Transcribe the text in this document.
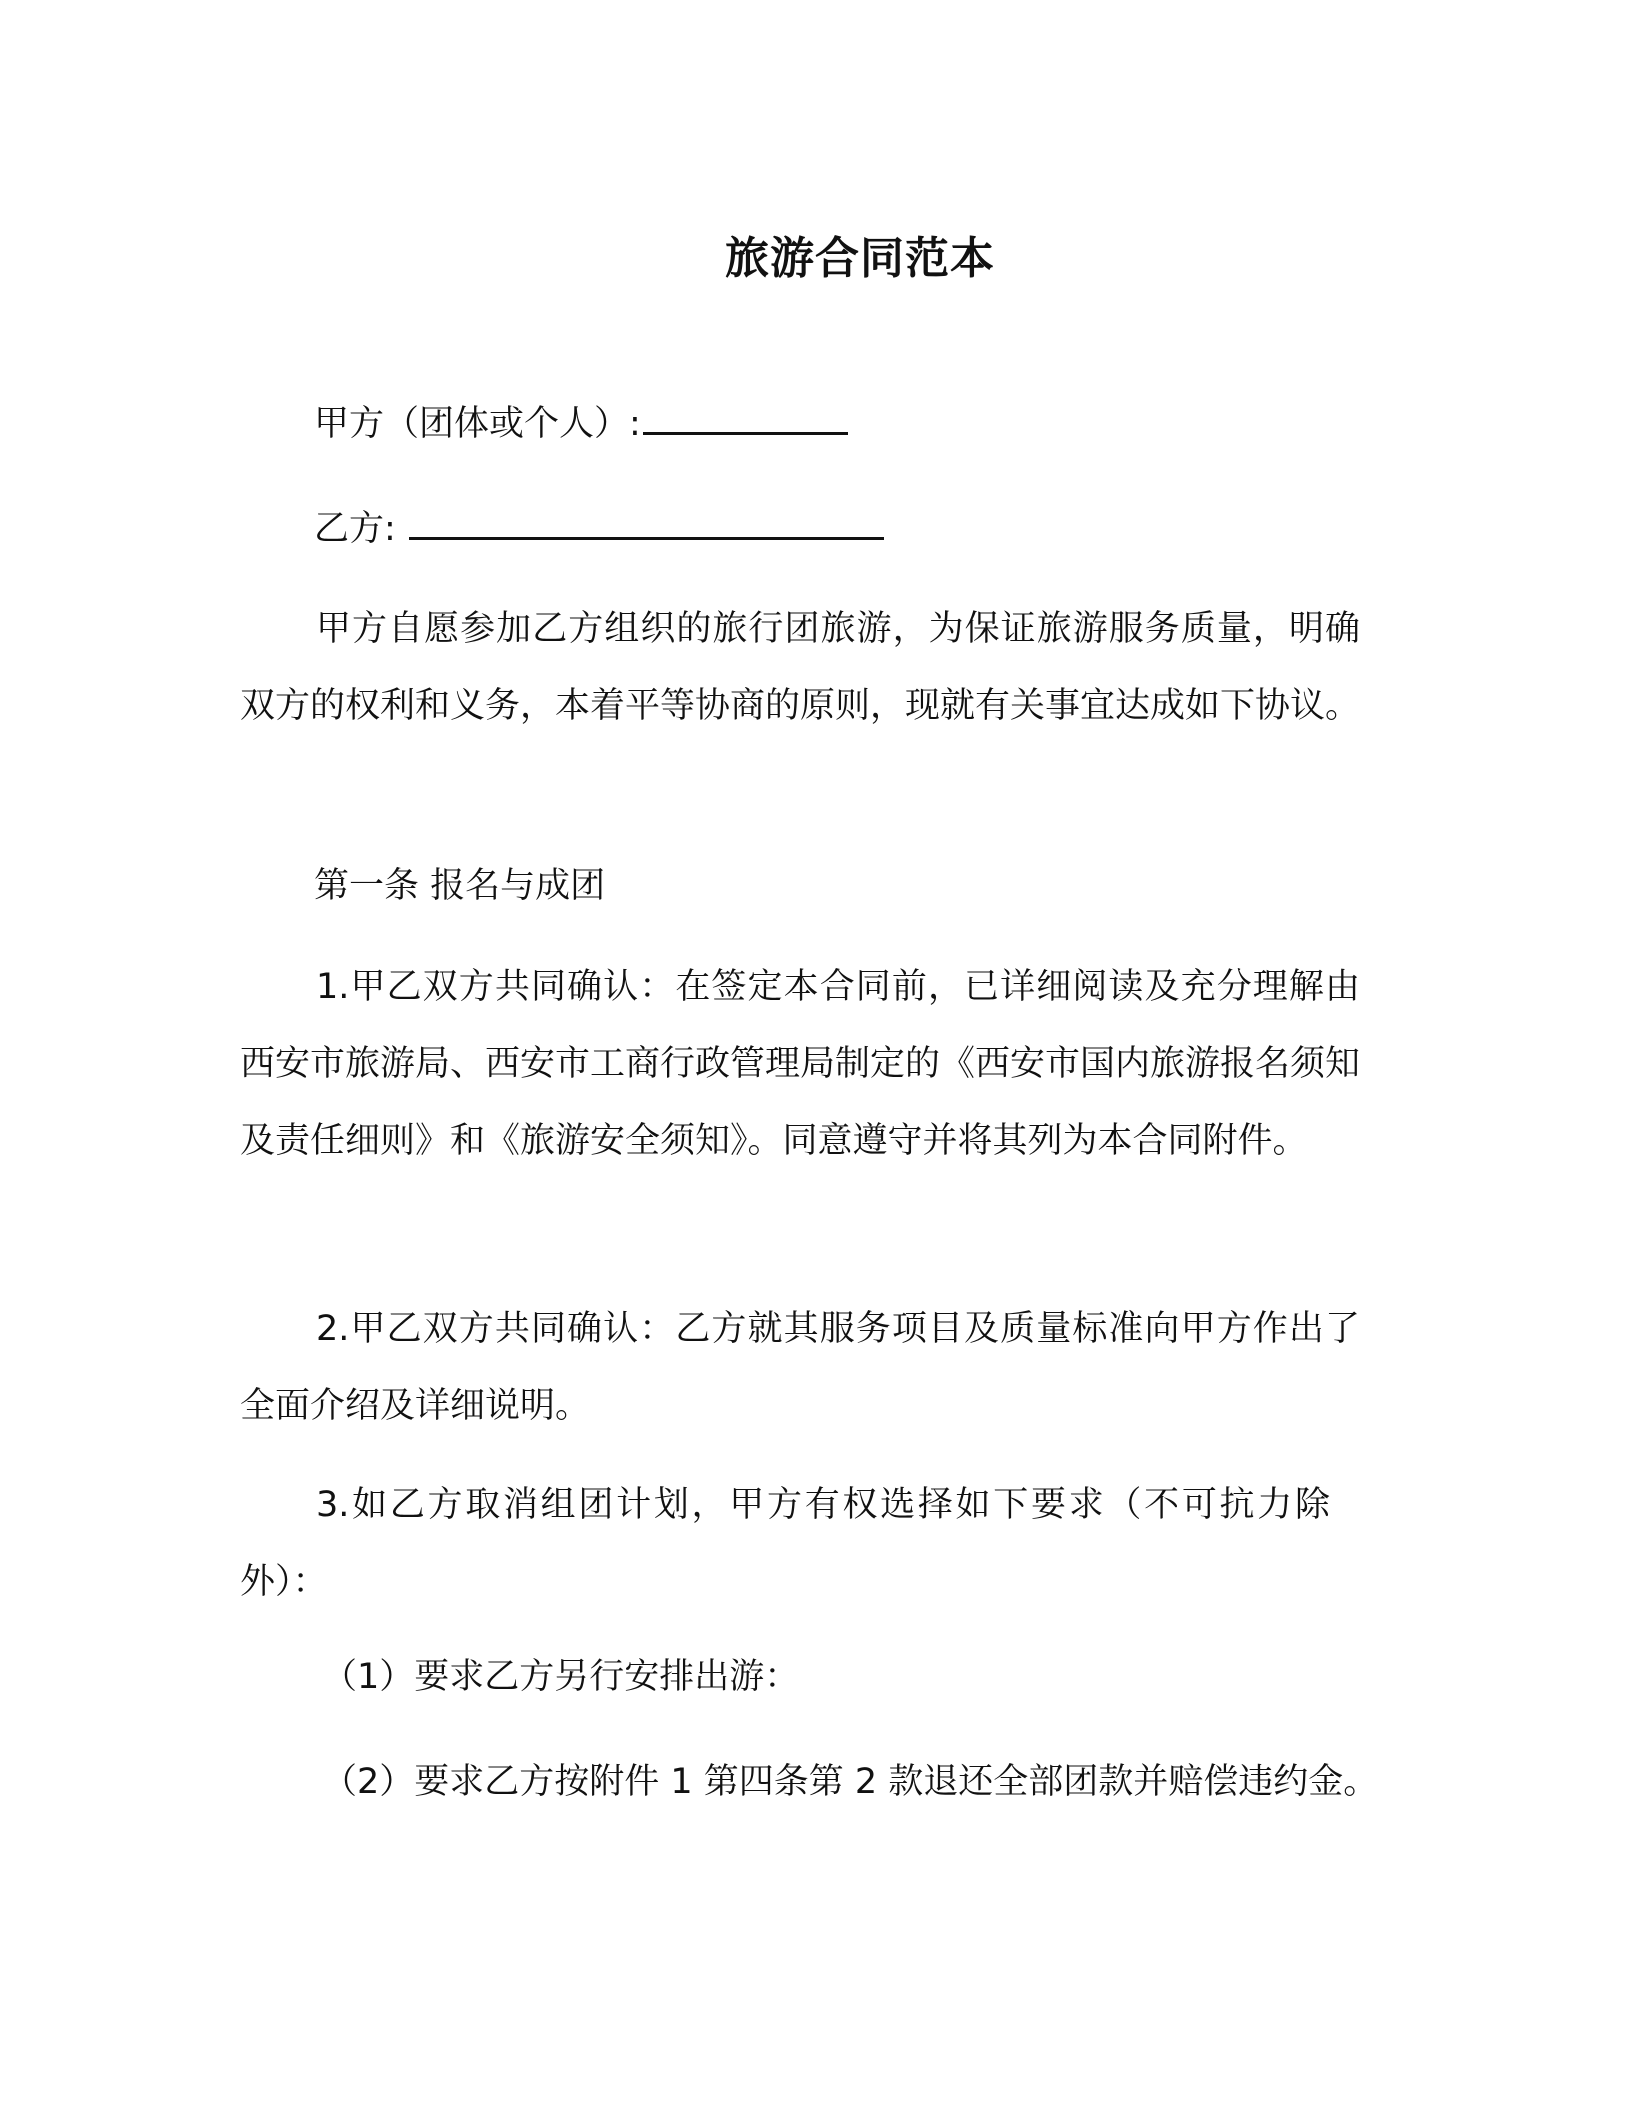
旅游合同范本

甲方（团体或个人）:

乙方:

甲方自愿参加乙方组织的旅行团旅游，为保证旅游服务质量，明确双方的权利和义务，本着平等协商的原则，现就有关事宜达成如下协议。

第一条 报名与成团

1.甲乙双方共同确认：在签定本合同前，已详细阅读及充分理解由西安市旅游局、西安市工商行政管理局制定的《西安市国内旅游报名须知及责任细则》和《旅游安全须知》。同意遵守并将其列为本合同附件。

2.甲乙双方共同确认：乙方就其服务项目及质量标准向甲方作出了全面介绍及详细说明。

3.如乙方取消组团计划，甲方有权选择如下要求（不可抗力除外）：

（1）要求乙方另行安排出游：

（2）要求乙方按附件 1 第四条第 2 款退还全部团款并赔偿违约金。
